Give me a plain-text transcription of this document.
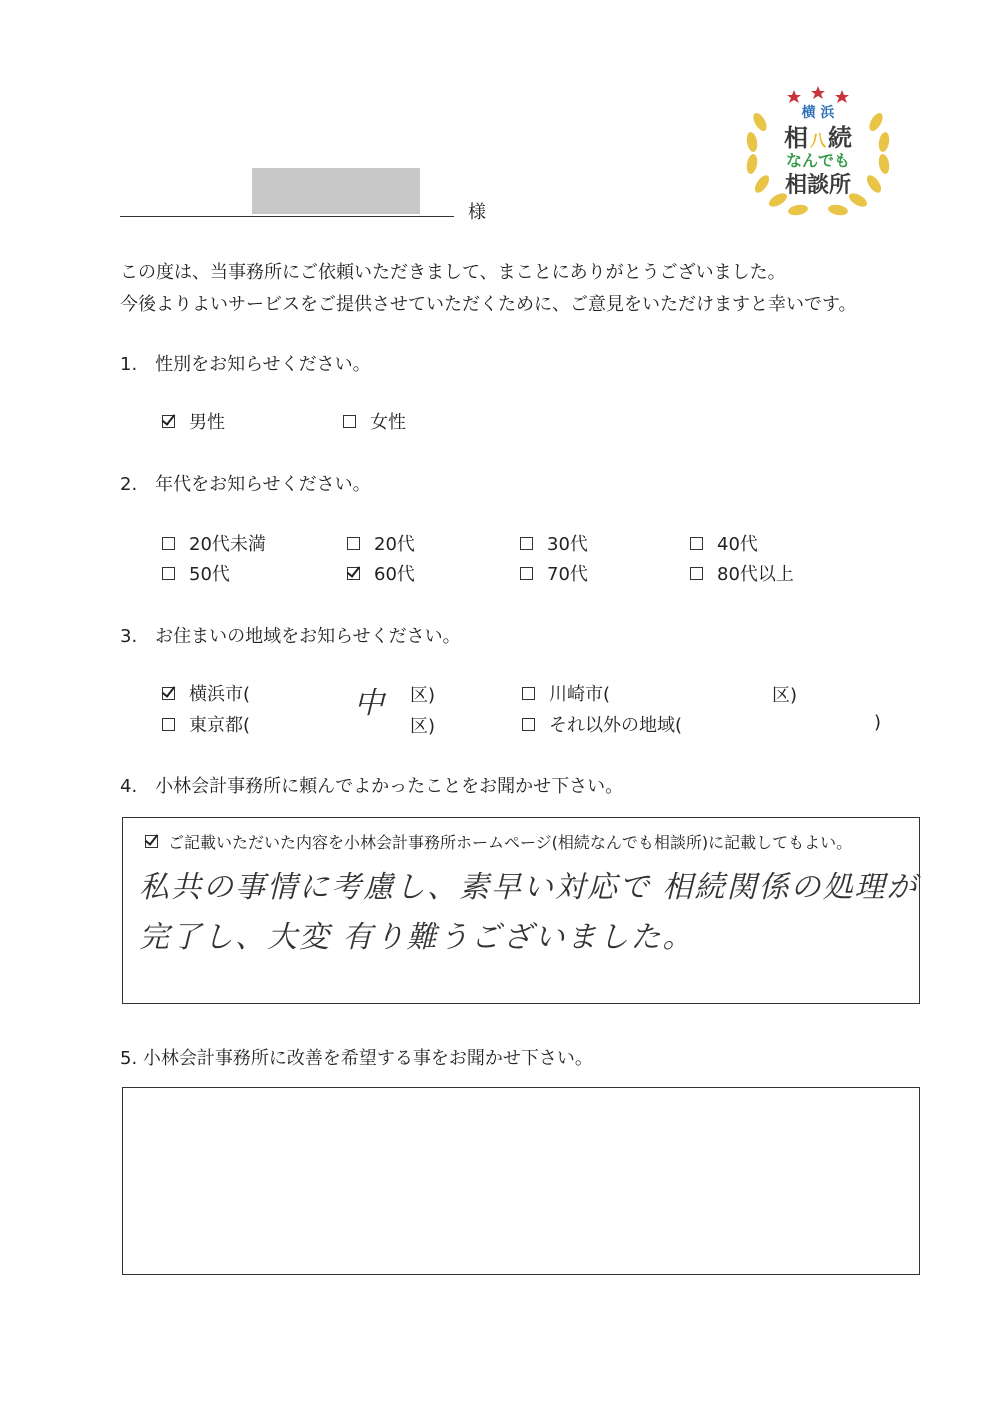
横 浜
相 八続
なんでも
相談所
様
この度は、当事務所にご依頼いただきまして、まことにありがとうございました。
今後よりよいサービスをご提供させていただくために、ご意見をいただけますと幸いです。
1.　性別をお知らせください。
男性	女性
2.　年代をお知らせください。
20代未満	20代	30代	40代
50代	60代	70代	80代以上
3.　お住まいの地域をお知らせください。
横浜市(	中 区)	川崎市(	区)
東京都(	区)	それ以外の地域(	)
4.　小林会計事務所に頼んでよかったことをお聞かせ下さい。
ご記載いただいた内容を小林会計事務所ホームページ(相続なんでも相談所)に記載してもよい。
私共の事情に考慮し、素早い対応で 相続関係の処理が
完了し、大変 有り難うございました。
5. 小林会計事務所に改善を希望する事をお聞かせ下さい。
